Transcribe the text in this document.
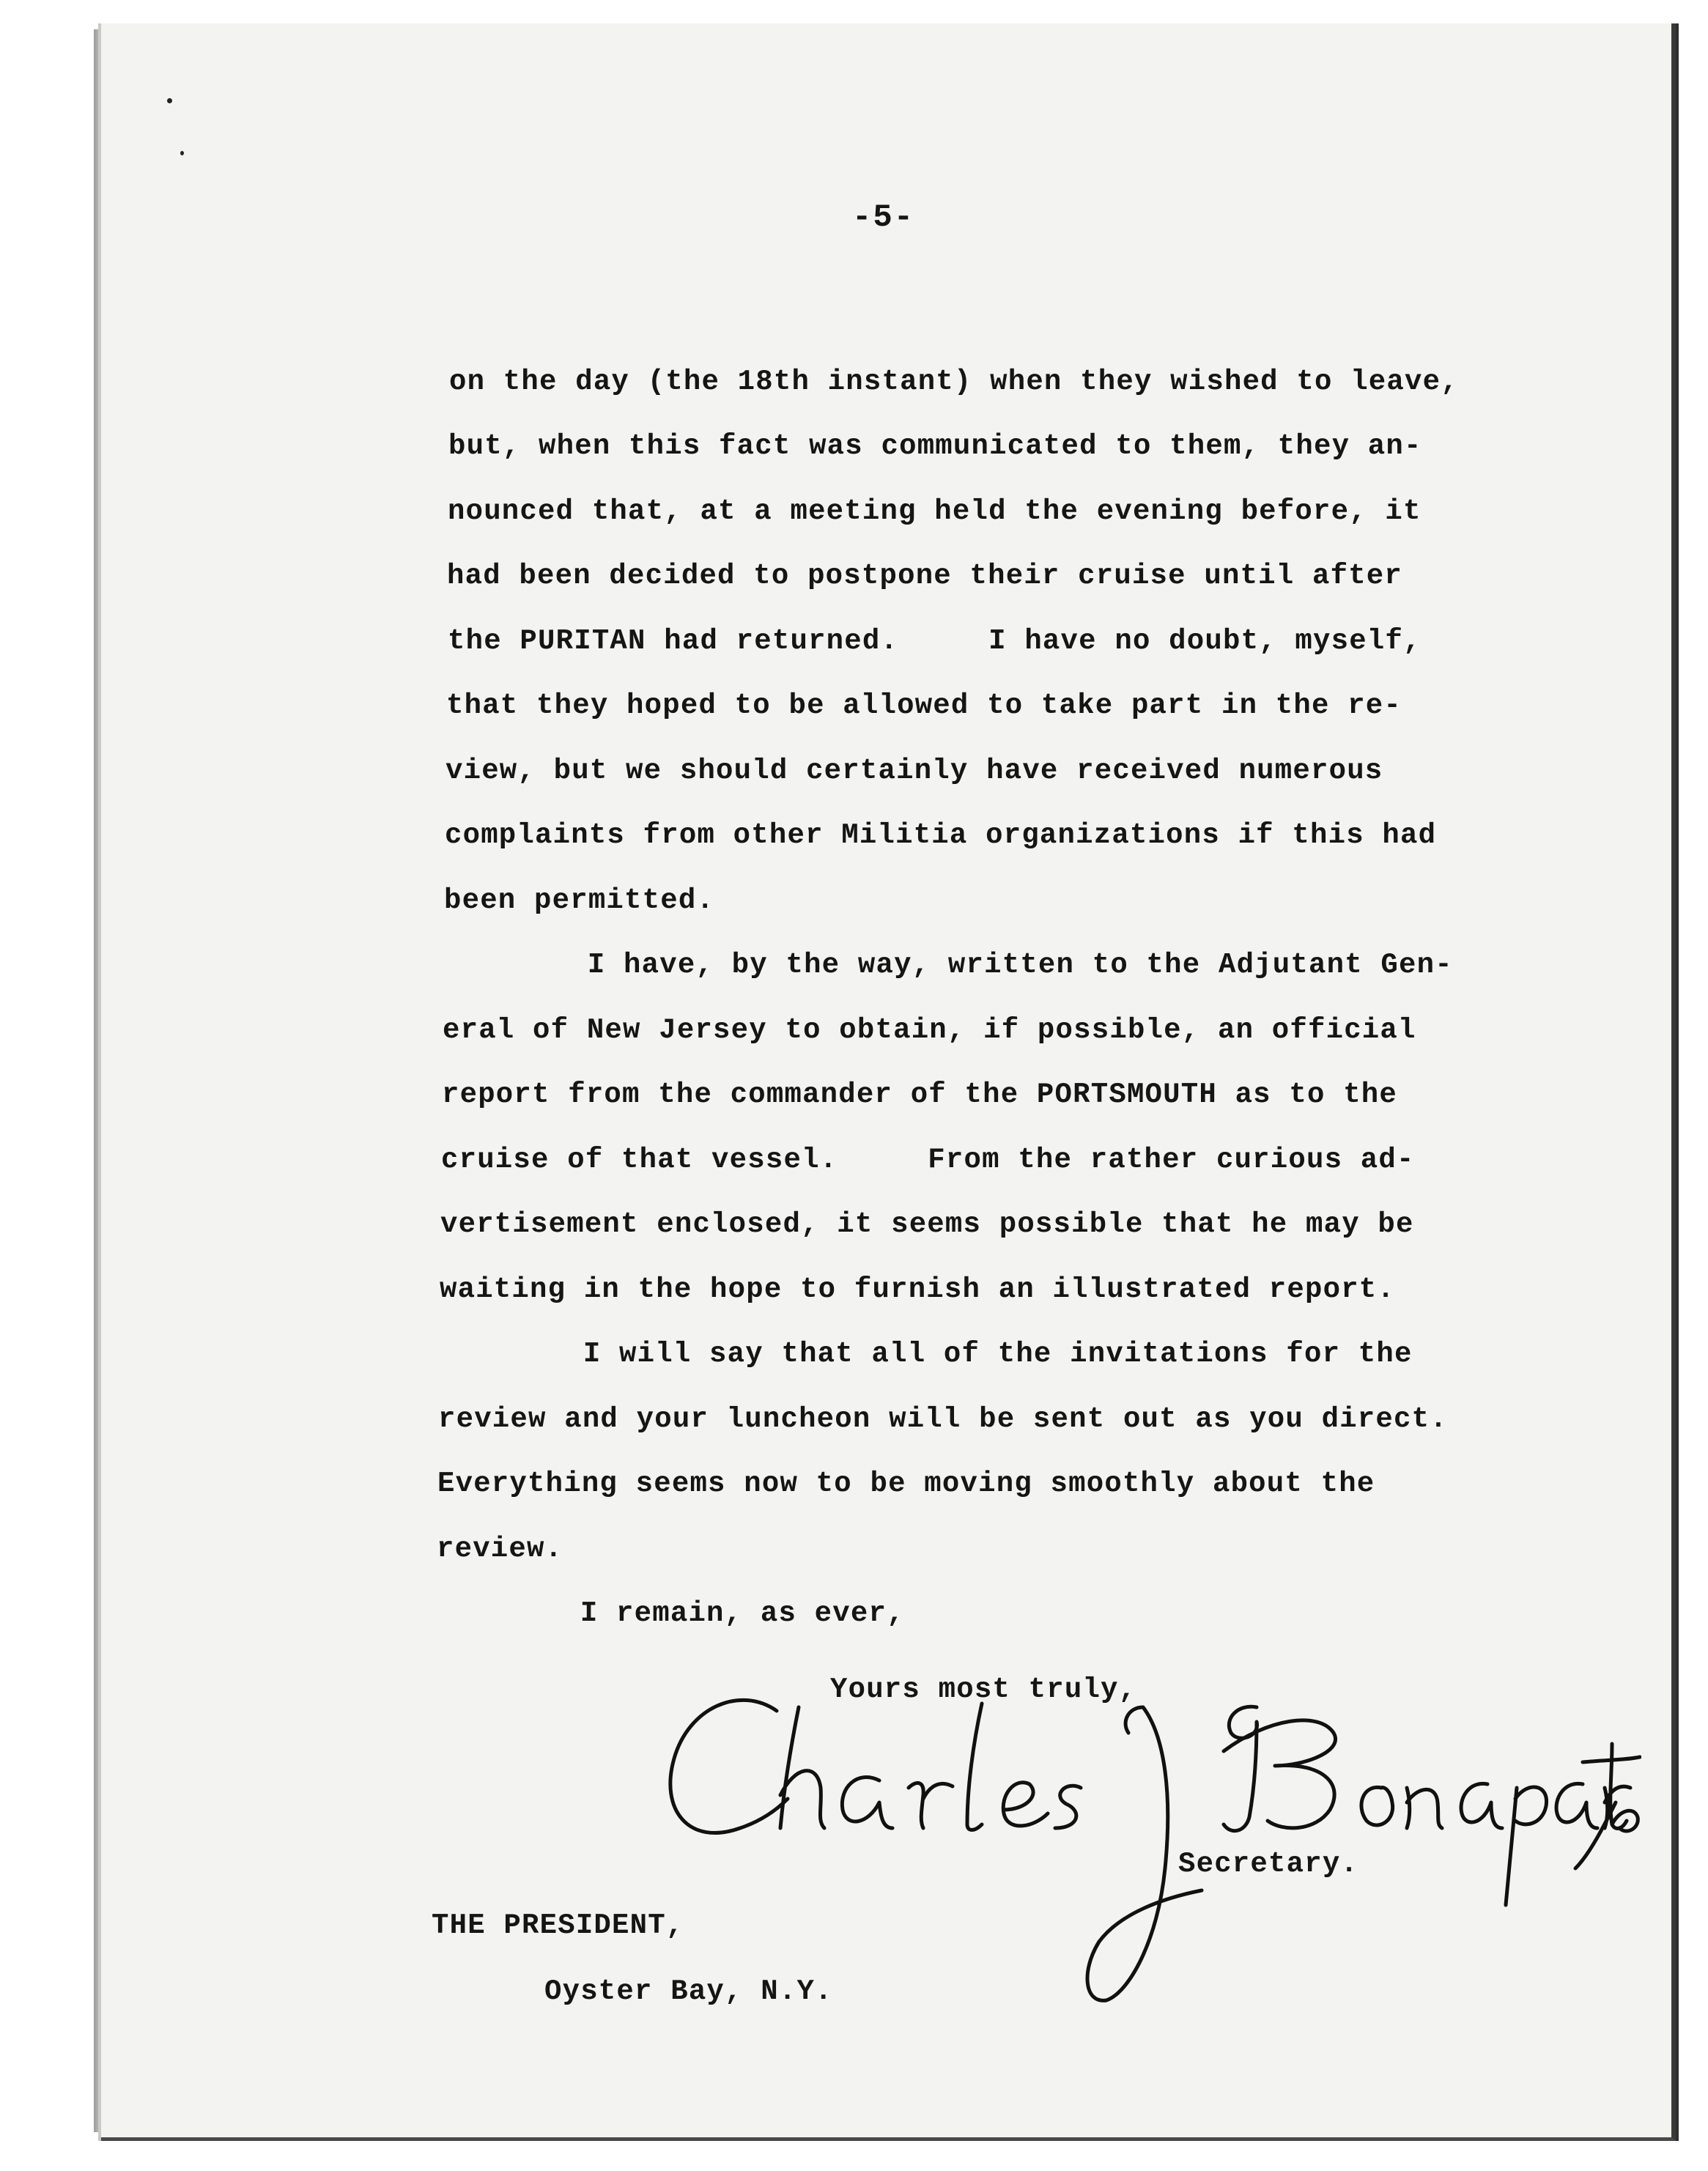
-5-
on the day (the 18th instant) when they wished to leave,
but, when this fact was communicated to them, they an-
nounced that, at a meeting held the evening before, it
had been decided to postpone their cruise until after
the PURITAN had returned.     I have no doubt, myself,
that they hoped to be allowed to take part in the re-
view, but we should certainly have received numerous
complaints from other Militia organizations if this had
been permitted.
I have, by the way, written to the Adjutant Gen-
eral of New Jersey to obtain, if possible, an official
report from the commander of the PORTSMOUTH as to the
cruise of that vessel.     From the rather curious ad-
vertisement enclosed, it seems possible that he may be
waiting in the hope to furnish an illustrated report.
I will say that all of the invitations for the
review and your luncheon will be sent out as you direct.
Everything seems now to be moving smoothly about the
review.
I remain, as ever,
Yours most truly,
Secretary.
THE PRESIDENT,
Oyster Bay, N.Y.
